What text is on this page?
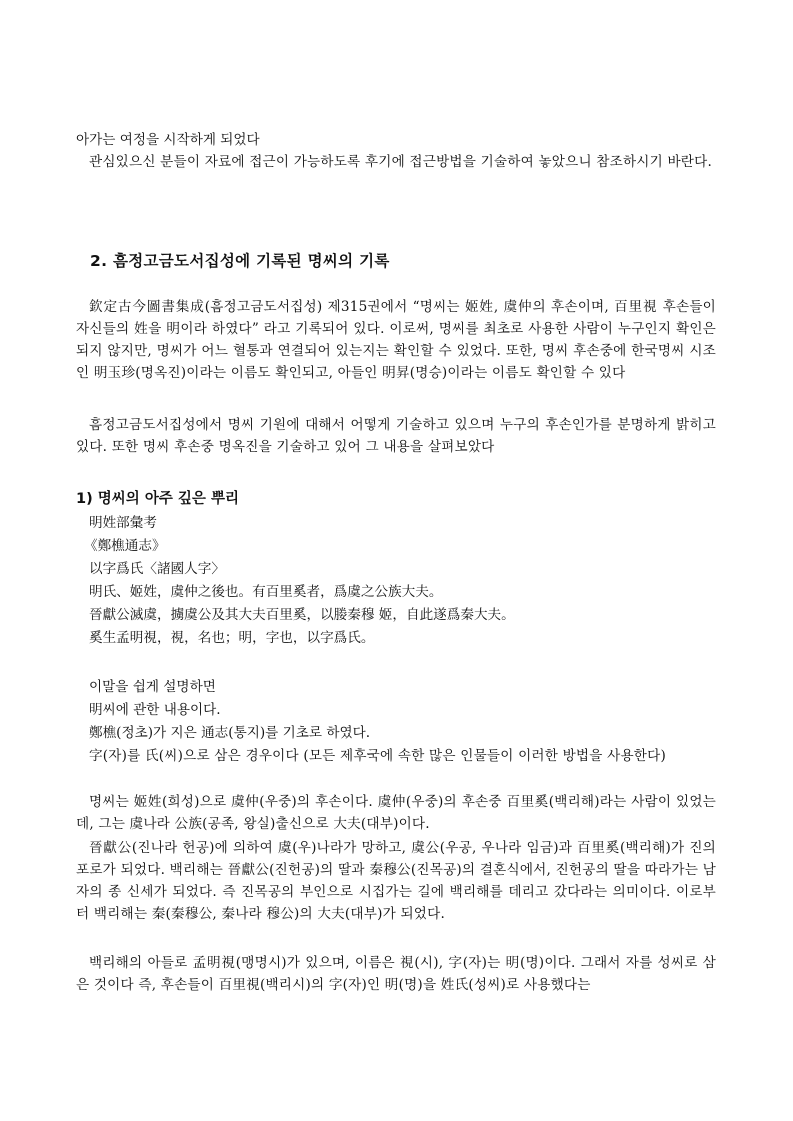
아가는 여정을 시작하게 되었다

관심있으신 분들이 자료에 접근이 가능하도록 후기에 접근방법을 기술하여 놓았으니 참조하시기 바란다.

2. 흠정고금도서집성에 기록된 명씨의 기록

欽定古今圖書集成(흠정고금도서집성) 제315권에서 “명씨는 姬姓, 虞仲의 후손이며, 百里視 후손들이 자신들의 姓을 明이라 하였다” 라고 기록되어 있다. 이로써, 명씨를 최초로 사용한 사람이 누구인지 확인은 되지 않지만, 명씨가 어느 혈통과 연결되어 있는지는 확인할 수 있었다. 또한, 명씨 후손중에 한국명씨 시조인 明玉珍(명옥진)이라는 이름도 확인되고, 아들인 明昇(명승)이라는 이름도 확인할 수 있다

흠정고금도서집성에서 명씨 기원에 대해서 어떻게 기술하고 있으며 누구의 후손인가를 분명하게 밝히고 있다. 또한 명씨 후손중 명옥진을 기술하고 있어 그 내용을 살펴보았다

1) 명씨의 아주 깊은 뿌리

明姓部彙考

《鄭樵通志》

以字爲氏〈諸國人字〉

明氏、姬姓，虞仲之後也。有百里奚者，爲虞之公族大夫。

晉獻公滅虞，擄虞公及其大夫百里奚，以媵秦穆 姬，自此遂爲秦大夫。

奚生孟明視，視，名也；明，字也，以字爲氏。

이말을 쉽게 설명하면

明씨에 관한 내용이다.

鄭樵(정초)가 지은 通志(통지)를 기초로 하였다.

字(자)를 氏(씨)으로 삼은 경우이다 (모든 제후국에 속한 많은 인물들이 이러한 방법을 사용한다)

명씨는 姬姓(희성)으로 虞仲(우중)의 후손이다. 虞仲(우중)의 후손중 百里奚(백리해)라는 사람이 있었는데, 그는 虞나라 公族(공족, 왕실)출신으로 大夫(대부)이다.

晉獻公(진나라 헌공)에 의하여 虞(우)나라가 망하고, 虞公(우공, 우나라 임금)과 百里奚(백리해)가 진의 포로가 되었다. 백리해는 晉獻公(진헌공)의 딸과 秦穆公(진목공)의 결혼식에서, 진헌공의 딸을 따라가는 남자의 종 신세가 되었다. 즉 진목공의 부인으로 시집가는 길에 백리해를 데리고 갔다라는 의미이다. 이로부터 백리해는 秦(秦穆公, 秦나라 穆公)의 大夫(대부)가 되었다.

백리해의 아들로 孟明視(맹명시)가 있으며, 이름은 視(시), 字(자)는 明(명)이다. 그래서 자를 성씨로 삼은 것이다 즉, 후손들이 百里視(백리시)의 字(자)인 明(명)을 姓氏(성씨)로 사용했다는
